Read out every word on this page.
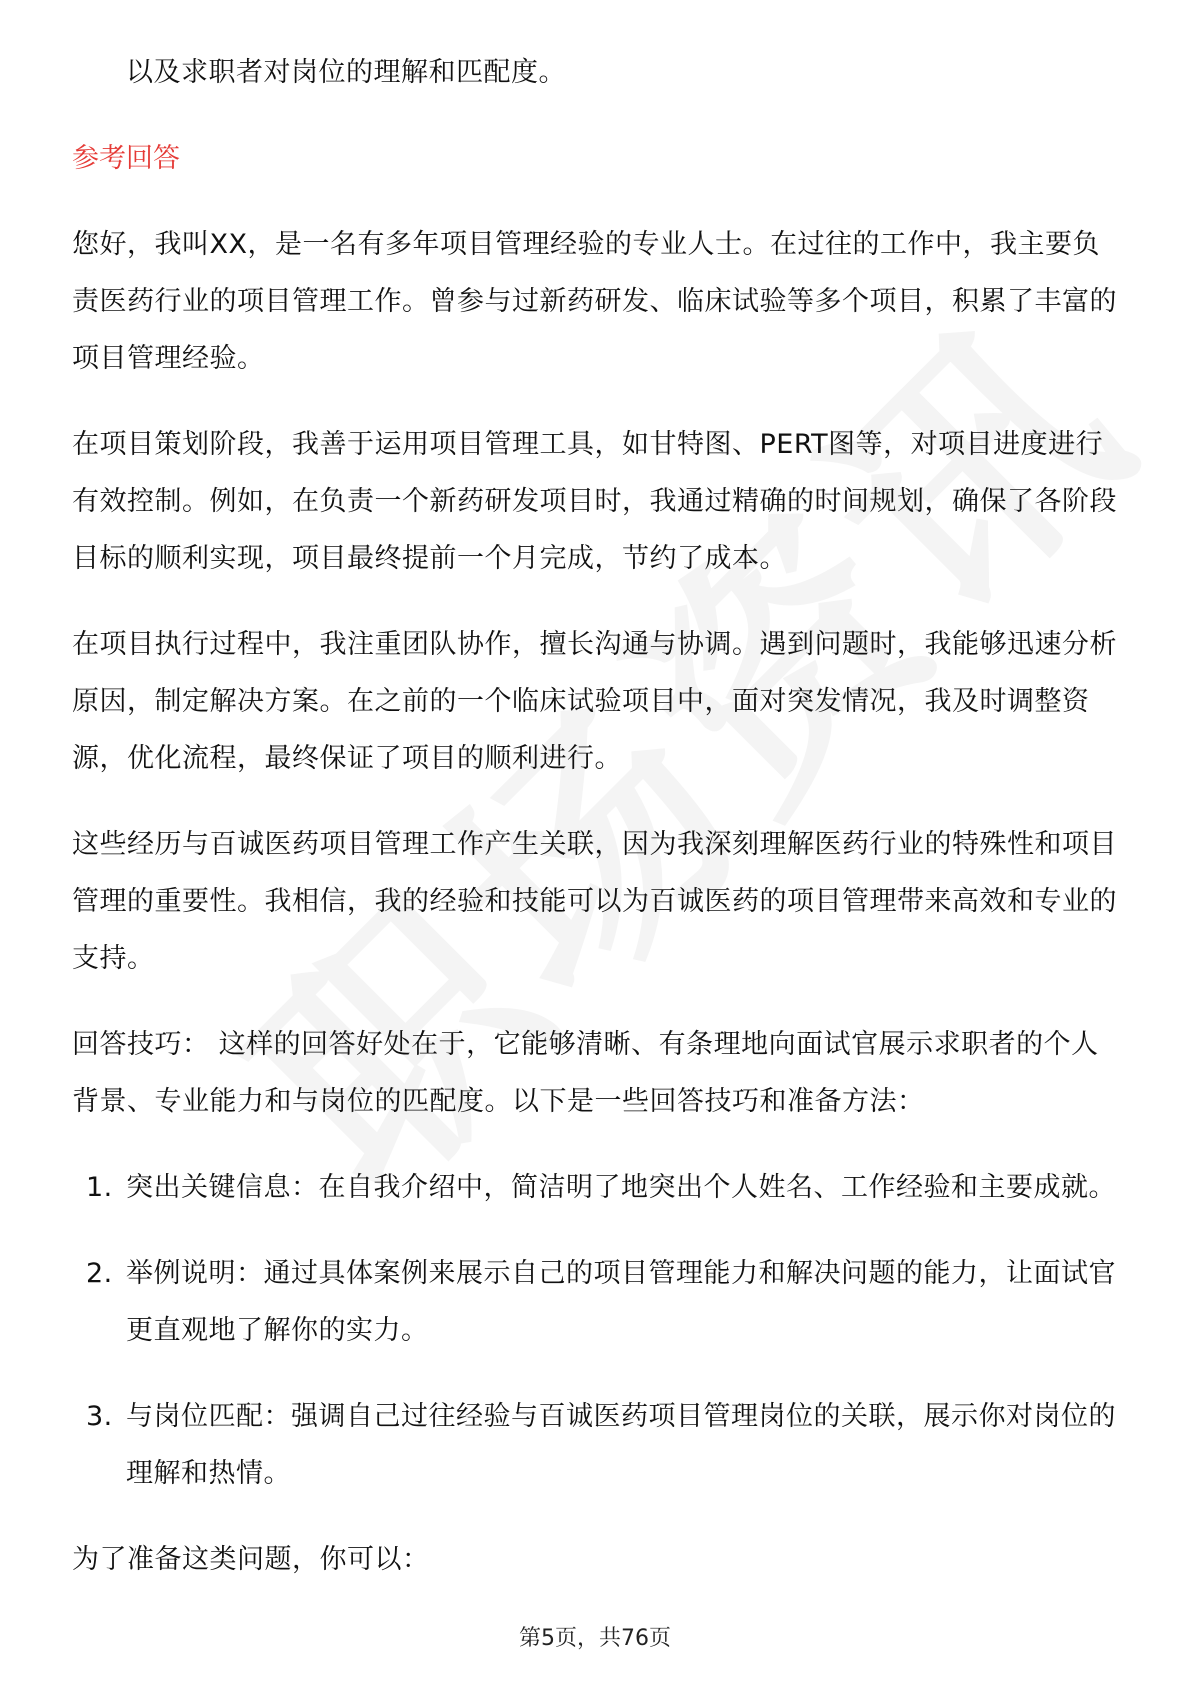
以及求职者对岗位的理解和匹配度。

参考回答

您好，我叫XX，是一名有多年项目管理经验的专业人士。在过往的工作中，我主要负责医药行业的项目管理工作。曾参与过新药研发、临床试验等多个项目，积累了丰富的项目管理经验。

在项目策划阶段，我善于运用项目管理工具，如甘特图、PERT图等，对项目进度进行有效控制。例如，在负责一个新药研发项目时，我通过精确的时间规划，确保了各阶段目标的顺利实现，项目最终提前一个月完成，节约了成本。

在项目执行过程中，我注重团队协作，擅长沟通与协调。遇到问题时，我能够迅速分析原因，制定解决方案。在之前的一个临床试验项目中，面对突发情况，我及时调整资源，优化流程，最终保证了项目的顺利进行。

这些经历与百诚医药项目管理工作产生关联，因为我深刻理解医药行业的特殊性和项目管理的重要性。我相信，我的经验和技能可以为百诚医药的项目管理带来高效和专业的支持。

回答技巧： 这样的回答好处在于，它能够清晰、有条理地向面试官展示求职者的个人背景、专业能力和与岗位的匹配度。以下是一些回答技巧和准备方法：

1. 突出关键信息：在自我介绍中，简洁明了地突出个人姓名、工作经验和主要成就。
2. 举例说明：通过具体案例来展示自己的项目管理能力和解决问题的能力，让面试官更直观地了解你的实力。
3. 与岗位匹配：强调自己过往经验与百诚医药项目管理岗位的关联，展示你对岗位的理解和热情。

为了准备这类问题，你可以：

第5页，共76页
